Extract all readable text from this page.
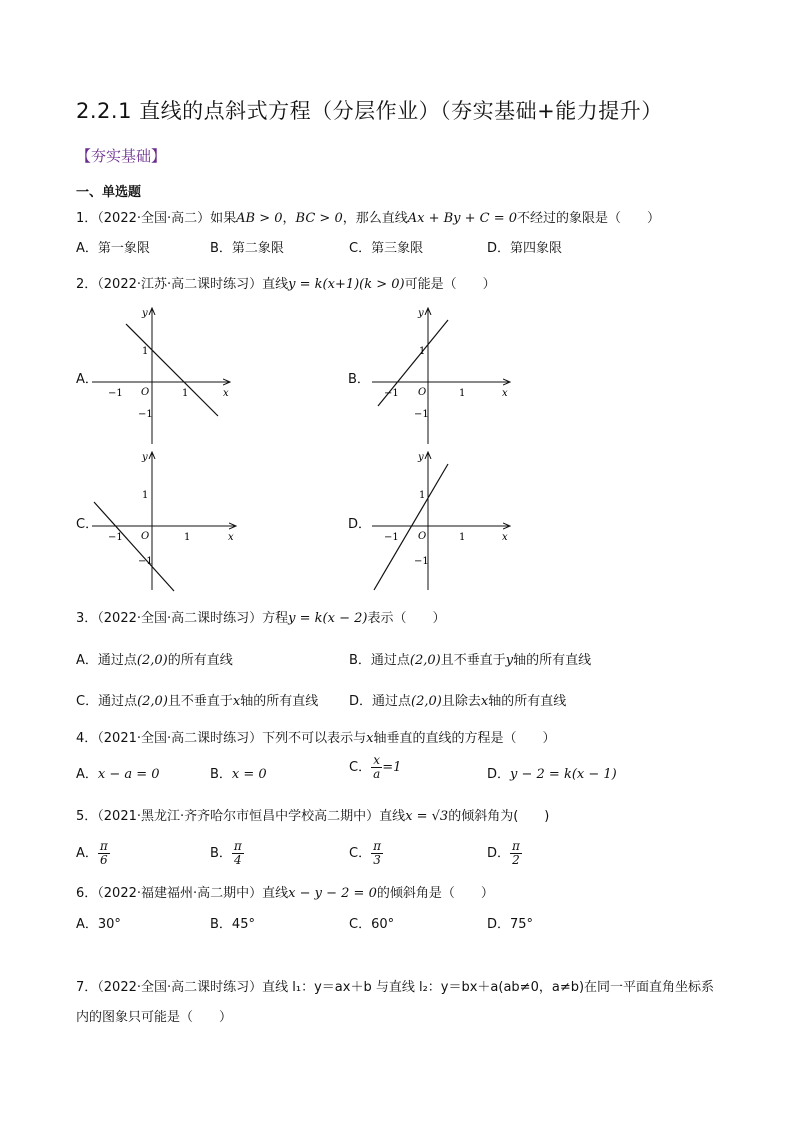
2.2.1 直线的点斜式方程（分层作业）（夯实基础+能力提升）
【夯实基础】
一、单选题
1．（2022·全国·高二）如果AB > 0，BC > 0，那么直线Ax + By + C = 0不经过的象限是（　　）
A．第一象限	B．第二象限	C．第三象限	D．第四象限
2．（2022·江苏·高二课时练习）直线y = k(x+1)(k > 0)可能是（　　）
A．	B．
C．	D．
y
x
O
1
1
−1
−1
y
x
O
1
1
−1
−1
y
x
O
1
1
−1
−1
y
x
O
1
1
−1
−1
3．（2022·全国·高二课时练习）方程y = k(x − 2)表示（　　）
A．通过点(2,0)的所有直线	B．通过点(2,0)且不垂直于y轴的所有直线
C．通过点(2,0)且不垂直于x轴的所有直线 D．通过点(2,0)且除去x轴的所有直线
4．（2021·全国·高二课时练习）下列不可以表示与x轴垂直的直线的方程是（　　）
A．x − a = 0	B．x = 0	C． $\frac{x}{a} =1$	D．y − 2 = k(x − 1)
5．（2021·黑龙江·齐齐哈尔市恒昌中学校高二期中）直线x = √3的倾斜角为(　　)
A． $\frac{\pi}{6}$	B． $\frac{\pi}{4}$	C． $\frac{\pi}{3}$	D． $\frac{\pi}{2}$
6．（2022·福建福州·高二期中）直线x − y − 2 = 0的倾斜角是（　　）
A．30°	B．45°	C．60°	D．75°
7．（2022·全国·高二课时练习）直线 l₁：y＝ax＋b 与直线 l₂：y＝bx＋a(ab≠0，a≠b)在同一平面直角坐标系
内的图象只可能是（　　）
